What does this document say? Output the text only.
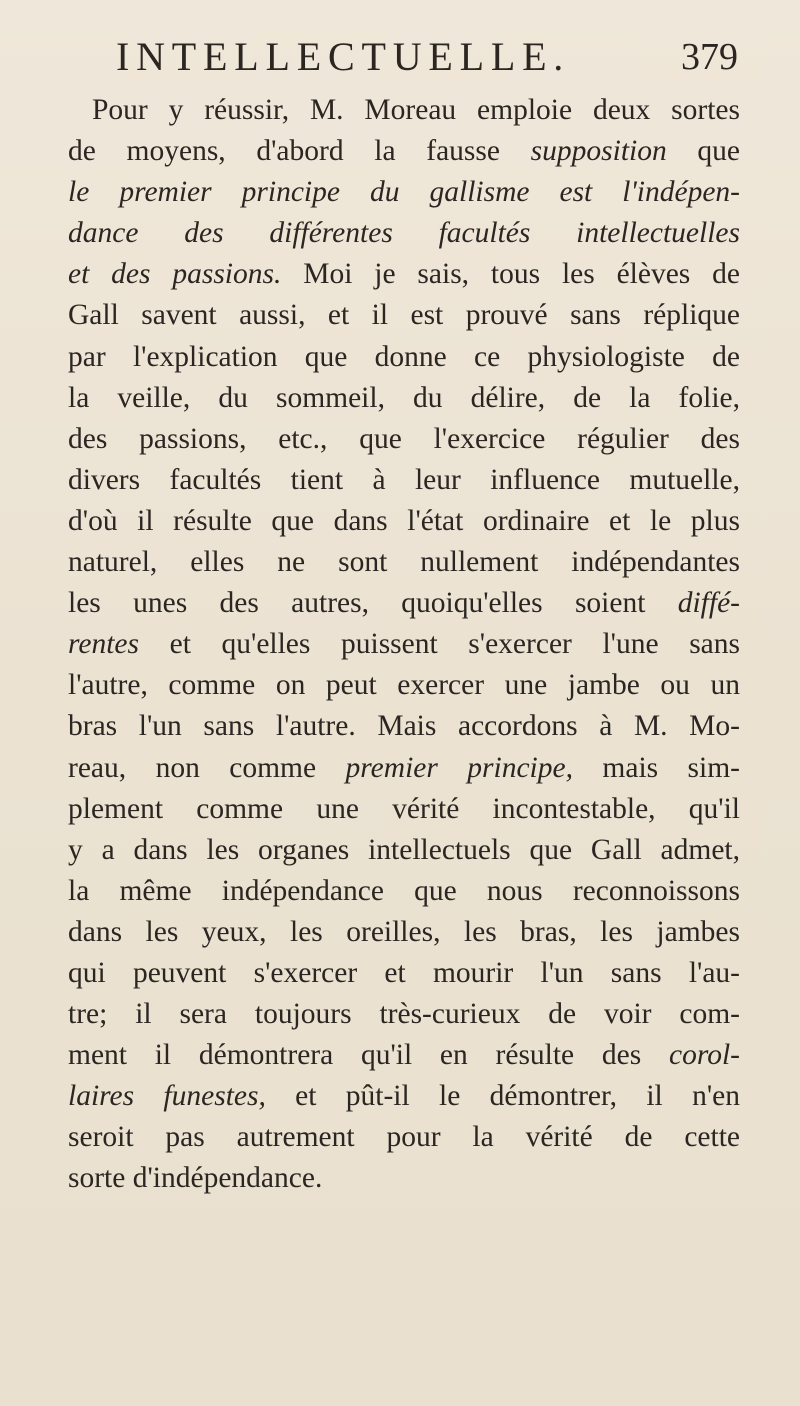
INTELLECTUELLE.	379
Pour y réussir, M. Moreau emploie deux sortes
de moyens, d'abord la fausse supposition que
le premier principe du gallisme est l'indépen-
dance des différentes facultés intellectuelles
et des passions. Moi je sais, tous les élèves de
Gall savent aussi, et il est prouvé sans réplique
par l'explication que donne ce physiologiste de
la veille, du sommeil, du délire, de la folie,
des passions, etc., que l'exercice régulier des
divers facultés tient à leur influence mutuelle,
d'où il résulte que dans l'état ordinaire et le plus
naturel, elles ne sont nullement indépendantes
les unes des autres, quoiqu'elles soient diffé-
rentes et qu'elles puissent s'exercer l'une sans
l'autre, comme on peut exercer une jambe ou un
bras l'un sans l'autre. Mais accordons à M. Mo-
reau, non comme premier principe, mais sim-
plement comme une vérité incontestable, qu'il
y a dans les organes intellectuels que Gall admet,
la même indépendance que nous reconnoissons
dans les yeux, les oreilles, les bras, les jambes
qui peuvent s'exercer et mourir l'un sans l'au-
tre; il sera toujours très-curieux de voir com-
ment il démontrera qu'il en résulte des corol-
laires funestes, et pût-il le démontrer, il n'en
seroit pas autrement pour la vérité de cette
sorte d'indépendance.
